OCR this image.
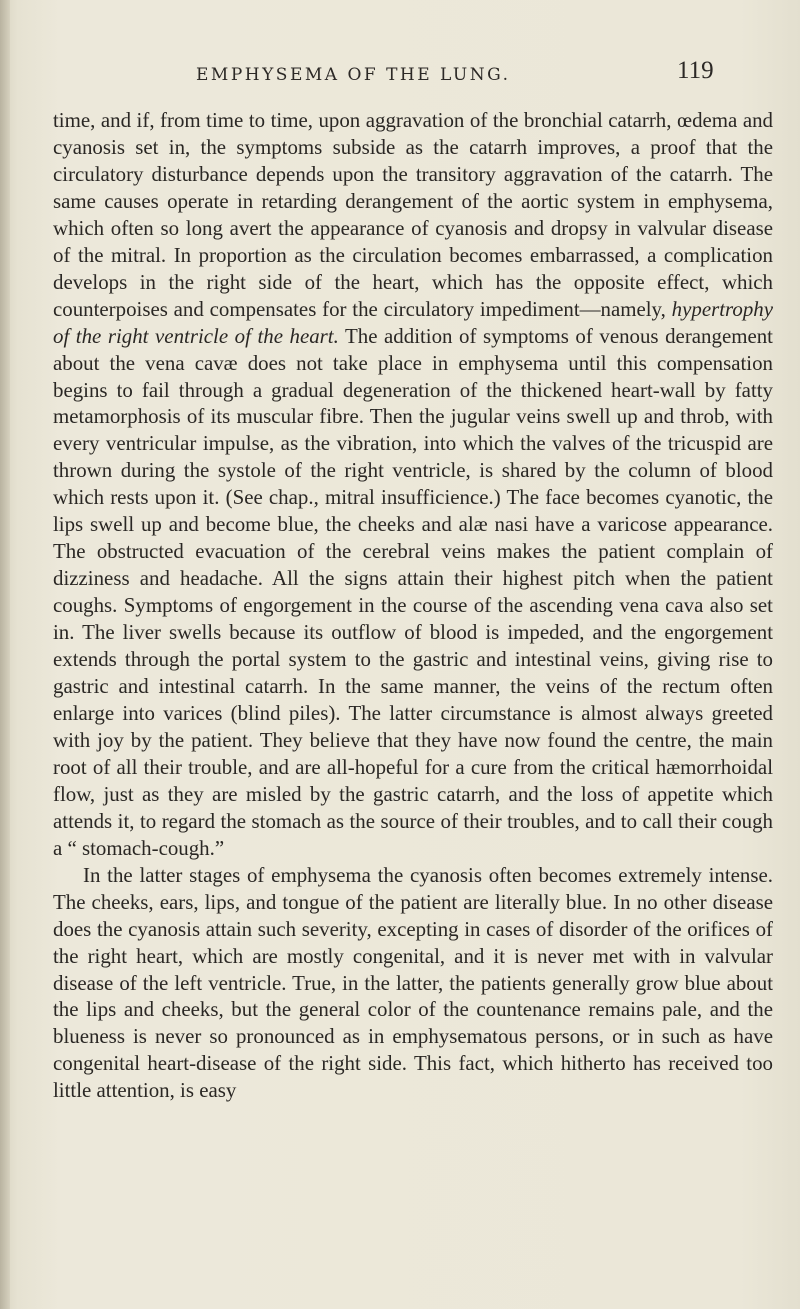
EMPHYSEMA OF THE LUNG.	119

time, and if, from time to time, upon aggravation of the bronchial catarrh, œdema and cyanosis set in, the symptoms subside as the catarrh improves, a proof that the circulatory disturbance depends upon the transitory aggravation of the catarrh. The same causes operate in retarding derangement of the aortic system in emphysema, which often so long avert the appearance of cyanosis and dropsy in valvular disease of the mitral. In proportion as the circulation becomes embarrassed, a complication develops in the right side of the heart, which has the opposite effect, which counterpoises and compensates for the circulatory impediment—namely, hypertrophy of the right ventricle of the heart. The addition of symptoms of venous derangement about the vena cavæ does not take place in emphysema until this compensation begins to fail through a gradual degeneration of the thickened heart-wall by fatty metamorphosis of its muscular fibre. Then the jugular veins swell up and throb, with every ventricular impulse, as the vibration, into which the valves of the tricuspid are thrown during the systole of the right ventricle, is shared by the column of blood which rests upon it. (See chap., mitral insufficience.) The face becomes cyanotic, the lips swell up and become blue, the cheeks and alæ nasi have a varicose appearance. The obstructed evacuation of the cerebral veins makes the patient complain of dizziness and headache. All the signs attain their highest pitch when the patient coughs. Symptoms of engorgement in the course of the ascending vena cava also set in. The liver swells because its outflow of blood is impeded, and the engorgement extends through the portal system to the gastric and intestinal veins, giving rise to gastric and intestinal catarrh. In the same manner, the veins of the rectum often enlarge into varices (blind piles). The latter circumstance is almost always greeted with joy by the patient. They believe that they have now found the centre, the main root of all their trouble, and are all-hopeful for a cure from the critical hæmorrhoidal flow, just as they are misled by the gastric catarrh, and the loss of appetite which attends it, to regard the stomach as the source of their troubles, and to call their cough a “ stomach-cough.”

In the latter stages of emphysema the cyanosis often becomes extremely intense. The cheeks, ears, lips, and tongue of the patient are literally blue. In no other disease does the cyanosis attain such severity, excepting in cases of disorder of the orifices of the right heart, which are mostly congenital, and it is never met with in valvular disease of the left ventricle. True, in the latter, the patients generally grow blue about the lips and cheeks, but the general color of the countenance remains pale, and the blueness is never so pronounced as in emphysematous persons, or in such as have congenital heart-disease of the right side. This fact, which hitherto has received too little attention, is easy
